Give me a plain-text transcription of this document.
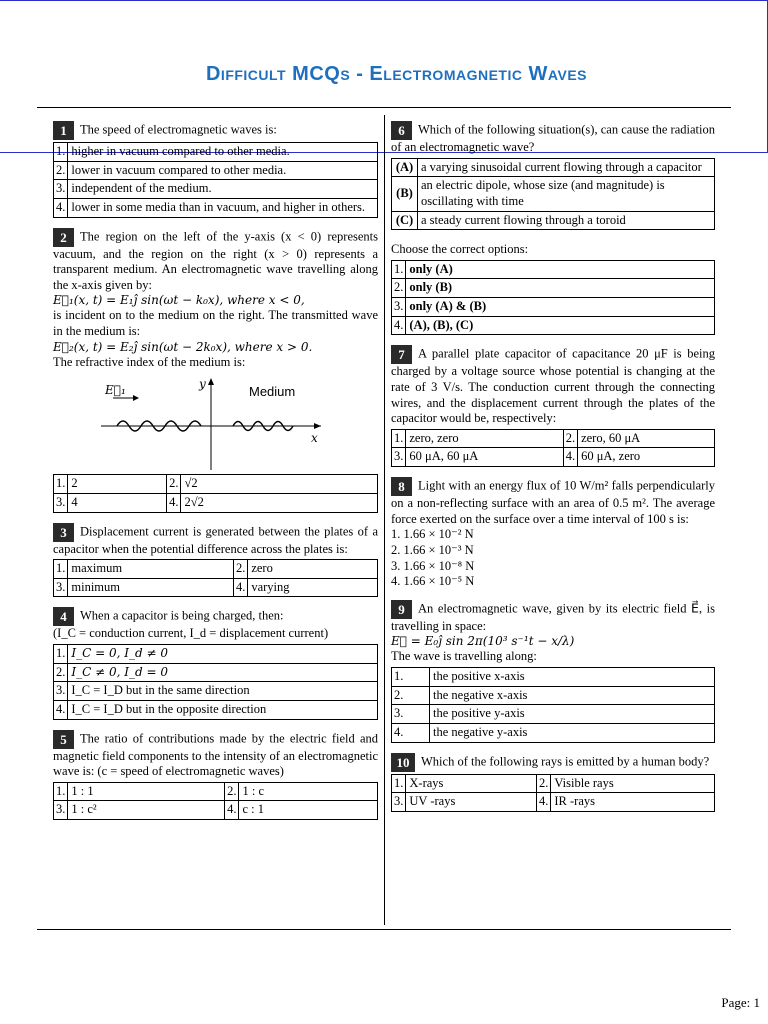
Difficult MCQs - Electromagnetic Waves
1 The speed of electromagnetic waves is:
1.	higher in vacuum compared to other media.
2.	lower in vacuum compared to other media.
3.	independent of the medium.
4.	lower in some media than in vacuum, and higher in others.
2 The region on the left of the y-axis (x < 0) represents vacuum, and the region on the right (x > 0) represents a transparent medium. An electromagnetic wave travelling along the x-axis given by:
E⃗₁(x, t) = E₁ĵ sin(ωt − k₀x), where x < 0,
is incident on to the medium on the right. The transmitted wave in the medium is:
E⃗₂(x, t) = E₂ĵ sin(ωt − 2k₀x), where x > 0.
The refractive index of the medium is:
E⃗₁	y
x
Medium
1.	2	2.	√2
3.	4	4.	2√2
3 Displacement current is generated between the plates of a capacitor when the potential difference across the plates is:
1.	maximum	2.	zero
3.	minimum	4.	varying
4 When a capacitor is being charged, then:
(I_C = conduction current, I_d = displacement current)
1.	I_C = 0, I_d ≠ 0
2.	I_C ≠ 0, I_d = 0
3.	I_C = I_D but in the same direction
4.	I_C = I_D but in the opposite direction
5 The ratio of contributions made by the electric field and magnetic field components to the intensity of an electromagnetic wave is: (c = speed of electromagnetic waves)
1.	1 : 1	2.	1 : c
3.	1 : c²	4.	c : 1
6 Which of the following situation(s), can cause the radiation of an electromagnetic wave?
(A)	a varying sinusoidal current flowing through a capacitor
(B)	an electric dipole, whose size (and magnitude) is oscillating with time
(C)	a steady current flowing through a toroid
Choose the correct options:
1.	only (A)
2.	only (B)
3.	only (A) & (B)
4.	(A), (B), (C)
7 A parallel plate capacitor of capacitance 20 μF is being charged by a voltage source whose potential is changing at the rate of 3 V/s. The conduction current through the connecting wires, and the displacement current through the plates of the capacitor would be, respectively:
1.	zero, zero	2.	zero, 60 μA
3.	60 μA, 60 μA	4.	60 μA, zero
8 Light with an energy flux of 10 W/m² falls perpendicularly on a non-reflecting surface with an area of 0.5 m². The average force exerted on the surface over a time interval of 100 s is:
1. 1.66 × 10⁻² N
2. 1.66 × 10⁻³ N
3. 1.66 × 10⁻⁸ N
4. 1.66 × 10⁻⁵ N
9 An electromagnetic wave, given by its electric field E⃗, is travelling in space:
E⃗ = E₀ĵ sin 2π(10³ s⁻¹t − x/λ)
The wave is travelling along:
1.	the positive x-axis
2.	the negative x-axis
3.	the positive y-axis
4.	the negative y-axis
10 Which of the following rays is emitted by a human body?
1.	X-rays	2.	Visible rays
3.	UV -rays	4.	IR -rays
Page: 1
